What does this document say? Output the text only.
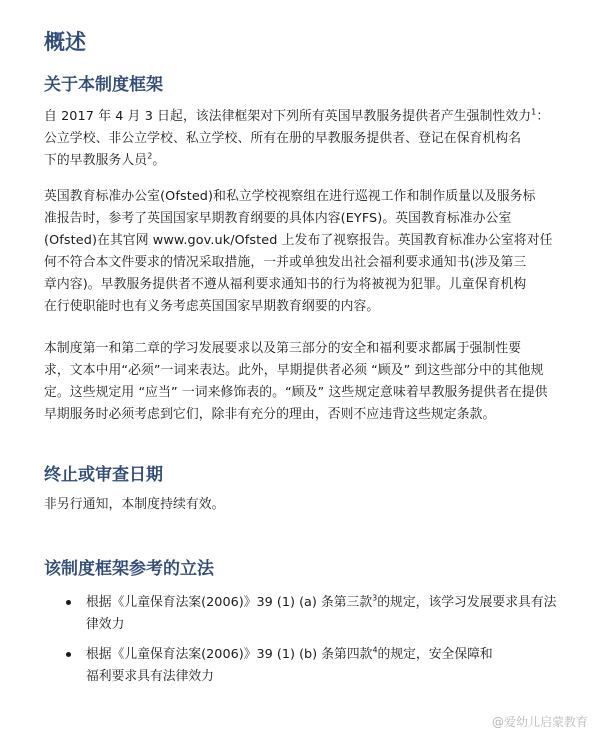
概述
关于本制度框架

自 2017 年 4 月 3 日起，该法律框架对下列所有英国早教服务提供者产生强制性效力$^1$：
公立学校、非公立学校、私立学校、所有在册的早教服务提供者、登记在保育机构名
下的早教服务人员$^2$。

英国教育标准办公室(Ofsted)和私立学校视察组在进行巡视工作和制作质量以及服务标
准报告时，参考了英国国家早期教育纲要的具体内容(EYFS)。英国教育标准办公室
(Ofsted)在其官网 www.gov.uk/Ofsted 上发布了视察报告。英国教育标准办公室将对任
何不符合本文件要求的情况采取措施，一并或单独发出社会福利要求通知书(涉及第三
章内容)。早教服务提供者不遵从福利要求通知书的行为将被视为犯罪。儿童保育机构
在行使职能时也有义务考虑英国国家早期教育纲要的内容。

本制度第一和第二章的学习发展要求以及第三部分的安全和福利要求都属于强制性要
求，文本中用“必须”一词来表达。此外，早期提供者必须 “顾及” 到这些部分中的其他规
定。这些规定用 “应当” 一词来修饰表的。“顾及” 这些规定意味着早教服务提供者在提供
早期服务时必须考虑到它们，除非有充分的理由，否则不应违背这些规定条款。

终止或审查日期

非另行通知，本制度持续有效。

该制度框架参考的立法
根据《儿童保育法案(2006)》39 (1) (a) 条第三款$^3$的规定，该学习发展要求具有法
律效力
根据《儿童保育法案(2006)》39 (1) (b) 条第四款$^4$的规定，安全保障和
福利要求具有法律效力
@爱幼儿启蒙教育
